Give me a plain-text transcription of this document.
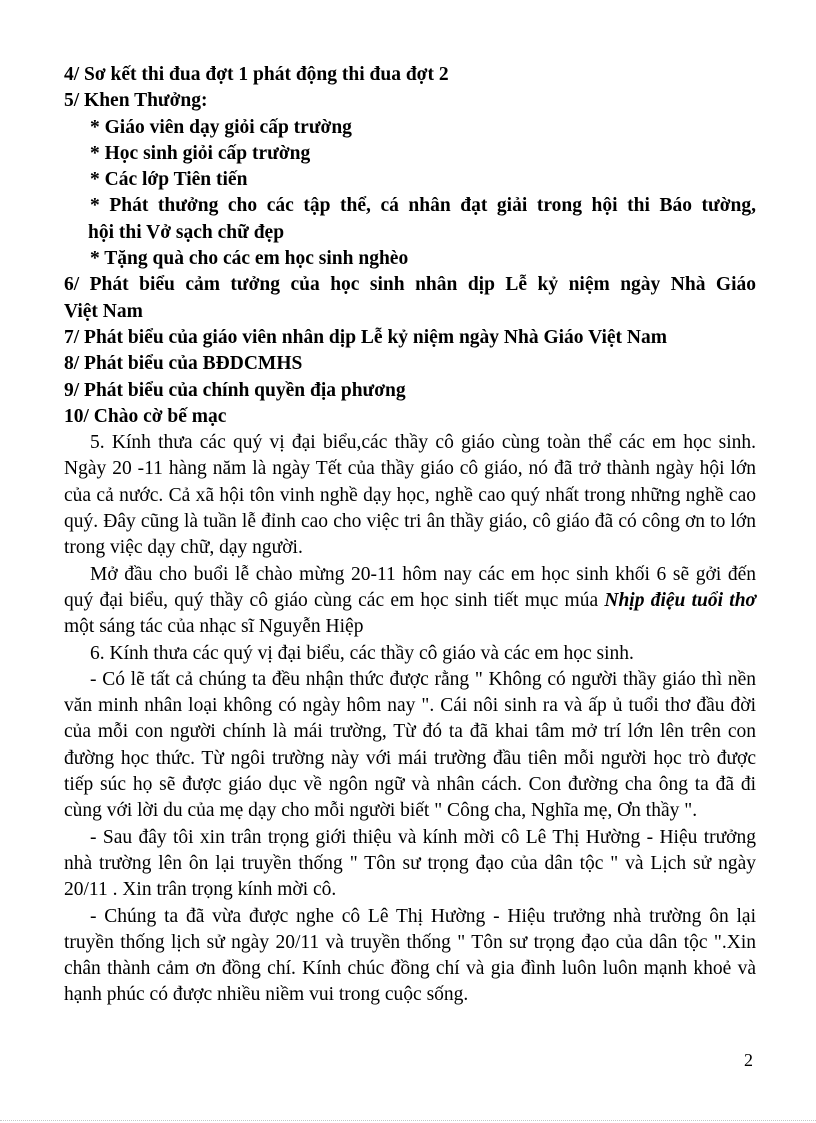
4/ Sơ kết thi đua đợt 1 phát động thi đua đợt 2
5/ Khen Thưởng:
* Giáo viên dạy giỏi cấp trường
* Học sinh giỏi cấp trường
* Các lớp Tiên tiến
* Phát thưởng cho các tập thể, cá nhân đạt giải trong hội thi Báo tường,
hội thi Vở sạch chữ đẹp
* Tặng quà cho các em học sinh nghèo
6/ Phát biểu cảm tưởng của học sinh nhân dịp Lễ kỷ niệm ngày Nhà Giáo
Việt Nam
7/ Phát biểu của giáo viên nhân dịp Lễ kỷ niệm ngày Nhà Giáo Việt Nam
8/ Phát biểu của BĐDCMHS
9/ Phát biểu của chính quyền địa phương
10/ Chào cờ bế mạc

5. Kính thưa các quý vị đại biểu,các thầy cô giáo cùng toàn thể các em học sinh. Ngày 20 -11 hàng năm là ngày Tết của thầy giáo cô giáo, nó đã trở thành ngày hội lớn của cả nước. Cả xã hội tôn vinh nghề dạy học, nghề cao quý nhất trong những nghề cao quý. Đây cũng là tuần lễ đỉnh cao cho việc tri ân thầy giáo, cô giáo đã có công ơn to lớn trong việc dạy chữ, dạy người.

Mở đầu cho buổi lễ chào mừng 20-11 hôm nay các em học sinh khối 6 sẽ gởi đến quý đại biểu, quý thầy cô giáo cùng các em học sinh tiết mục múa Nhịp điệu tuổi thơ một sáng tác của nhạc sĩ Nguyễn Hiệp

6. Kính thưa các quý vị đại biểu, các thầy cô giáo và các em học sinh.

- Có lẽ tất cả chúng ta đều nhận thức được rằng " Không có người thầy giáo thì nền văn minh nhân loại không có ngày hôm nay ". Cái nôi sinh ra và ấp ủ tuổi thơ đầu đời của mỗi con người chính là mái trường, Từ đó ta đã khai tâm mở trí lớn lên trên con đường học thức. Từ ngôi trường này với mái trường đầu tiên mỗi người học trò được tiếp súc họ sẽ được giáo dục về ngôn ngữ và nhân cách. Con đường cha ông ta đã đi cùng với lời du của mẹ dạy cho mỗi người biết " Công cha, Nghĩa mẹ, Ơn thầy ".

- Sau đây tôi xin trân trọng giới thiệu và kính mời cô Lê Thị Hường - Hiệu trưởng nhà trường lên ôn lại truyền thống " Tôn sư trọng đạo của dân tộc " và Lịch sử ngày 20/11 . Xin trân trọng kính mời cô.

- Chúng ta đã vừa được nghe cô Lê Thị Hường - Hiệu trưởng nhà trường ôn lại truyền thống lịch sử ngày 20/11 và truyền thống " Tôn sư trọng đạo của dân tộc ".Xin chân thành cảm ơn đồng chí. Kính chúc đồng chí và gia đình luôn luôn mạnh khoẻ và hạnh phúc có được nhiều niềm vui trong cuộc sống.

2
